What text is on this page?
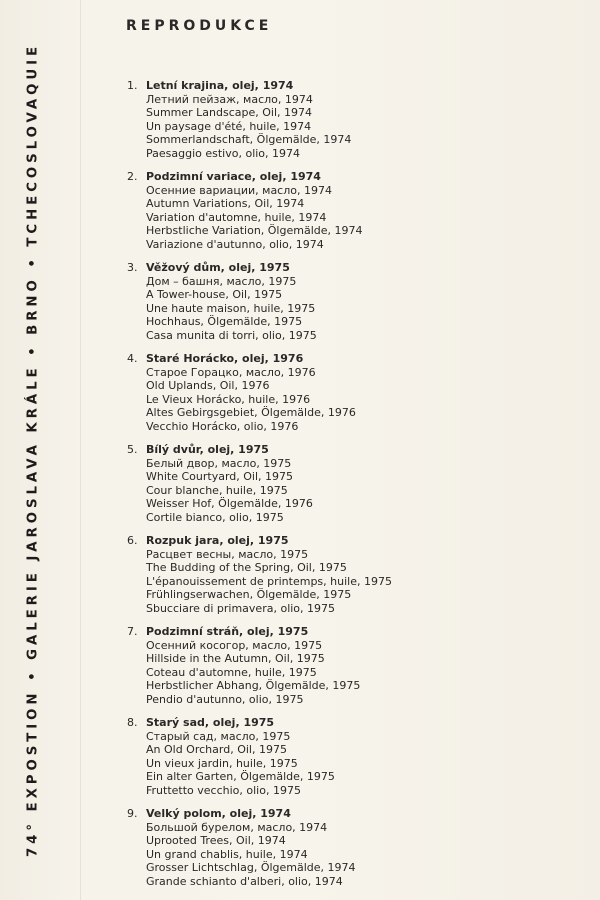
74° EXPOSTION • GALERIE JAROSLAVA KRÁLE • BRNO • TCHECOSLOVAQUIE
REPRODUKCE
1. Letní krajina, olej, 1974
Летний пейзаж, масло, 1974
Summer Landscape, Oil, 1974
Un paysage d'été, huile, 1974
Sommerlandschaft, Ölgemälde, 1974
Paesaggio estivo, olio, 1974
2. Podzimní variace, olej, 1974
Осенние вариации, масло, 1974
Autumn Variations, Oil, 1974
Variation d'automne, huile, 1974
Herbstliche Variation, Ölgemälde, 1974
Variazione d'autunno, olio, 1974
3. Věžový dům, olej, 1975
Дом – башня, масло, 1975
A Tower-house, Oil, 1975
Une haute maison, huile, 1975
Hochhaus, Ölgemälde, 1975
Casa munita di torri, olio, 1975
4. Staré Horácko, olej, 1976
Старое Горацко, масло, 1976
Old Uplands, Oil, 1976
Le Vieux Horácko, huile, 1976
Altes Gebirgsgebiet, Ölgemälde, 1976
Vecchio Horácko, olio, 1976
5. Bílý dvůr, olej, 1975
Белый двор, масло, 1975
White Courtyard, Oil, 1975
Cour blanche, huile, 1975
Weisser Hof, Ölgemälde, 1976
Cortile bianco, olio, 1975
6. Rozpuk jara, olej, 1975
Расцвет весны, масло, 1975
The Budding of the Spring, Oil, 1975
L'épanouissement de printemps, huile, 1975
Frühlingserwachen, Ölgemälde, 1975
Sbucciare di primavera, olio, 1975
7. Podzimní stráň, olej, 1975
Осенний косогор, масло, 1975
Hillside in the Autumn, Oil, 1975
Coteau d'automne, huile, 1975
Herbstlicher Abhang, Ölgemälde, 1975
Pendio d'autunno, olio, 1975
8. Starý sad, olej, 1975
Старый сад, масло, 1975
An Old Orchard, Oil, 1975
Un vieux jardin, huile, 1975
Ein alter Garten, Ölgemälde, 1975
Fruttetto vecchio, olio, 1975
9. Velký polom, olej, 1974
Большой бурелом, масло, 1974
Uprooted Trees, Oil, 1974
Un grand chablis, huile, 1974
Grosser Lichtschlag, Ölgemälde, 1974
Grande schianto d'alberi, olio, 1974
